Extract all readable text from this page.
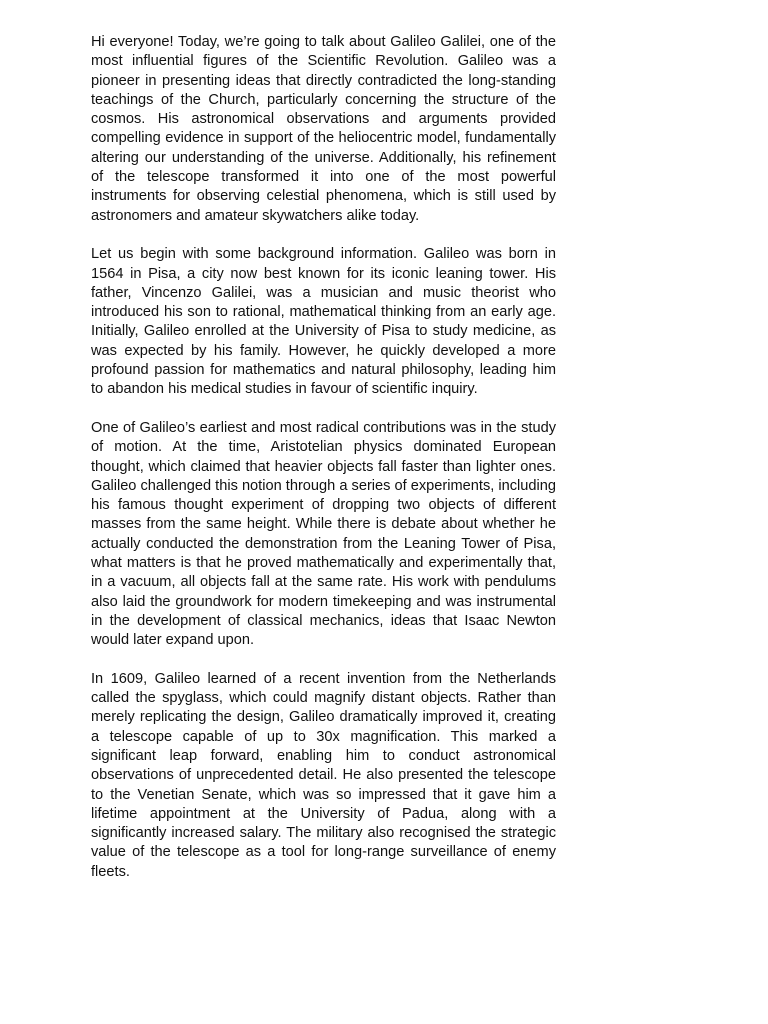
Hi everyone! Today, we’re going to talk about Galileo Galilei, one of the most influential figures of the Scientific Revolution. Galileo was a pioneer in presenting ideas that directly contradicted the long-standing teachings of the Church, particularly concerning the structure of the cosmos. His astronomical observations and arguments provided compelling evidence in support of the heliocentric model, fundamentally altering our understanding of the universe. Additionally, his refinement of the telescope transformed it into one of the most powerful instruments for observing celestial phenomena, which is still used by astronomers and amateur skywatchers alike today.

Let us begin with some background information. Galileo was born in 1564 in Pisa, a city now best known for its iconic leaning tower. His father, Vincenzo Galilei, was a musician and music theorist who introduced his son to rational, mathematical thinking from an early age. Initially, Galileo enrolled at the University of Pisa to study medicine, as was expected by his family. However, he quickly developed a more profound passion for mathematics and natural philosophy, leading him to abandon his medical studies in favour of scientific inquiry.

One of Galileo’s earliest and most radical contributions was in the study of motion. At the time, Aristotelian physics dominated European thought, which claimed that heavier objects fall faster than lighter ones. Galileo challenged this notion through a series of experiments, including his famous thought experiment of dropping two objects of different masses from the same height. While there is debate about whether he actually conducted the demonstration from the Leaning Tower of Pisa, what matters is that he proved mathematically and experimentally that, in a vacuum, all objects fall at the same rate. His work with pendulums also laid the groundwork for modern timekeeping and was instrumental in the development of classical mechanics, ideas that Isaac Newton would later expand upon.

In 1609, Galileo learned of a recent invention from the Netherlands called the spyglass, which could magnify distant objects. Rather than merely replicating the design, Galileo dramatically improved it, creating a telescope capable of up to 30x magnification. This marked a significant leap forward, enabling him to conduct astronomical observations of unprecedented detail. He also presented the telescope to the Venetian Senate, which was so impressed that it gave him a lifetime appointment at the University of Padua, along with a significantly increased salary. The military also recognised the strategic value of the telescope as a tool for long-range surveillance of enemy fleets.
